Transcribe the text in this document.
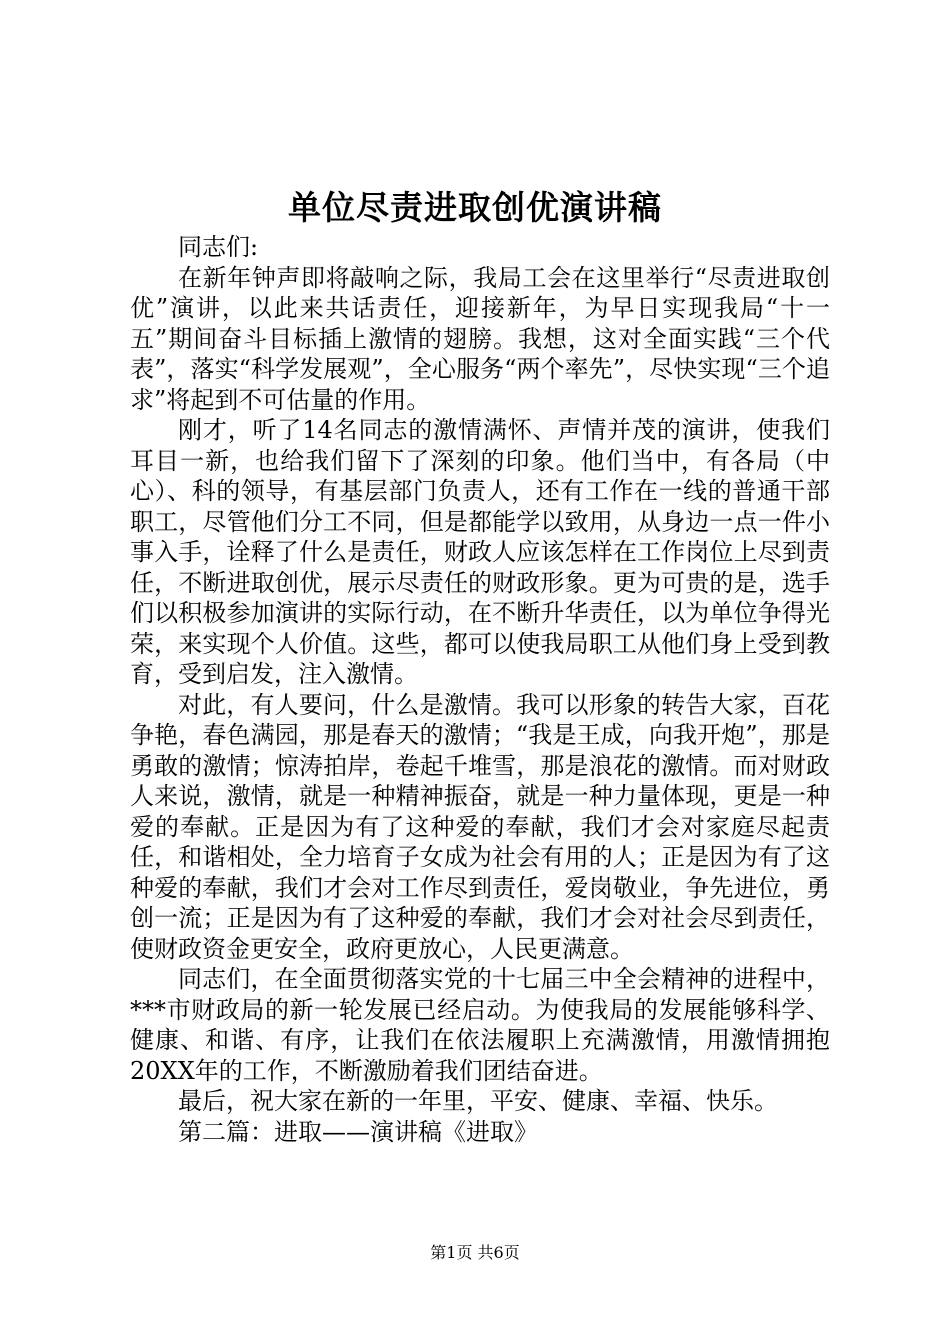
单位尽责进取创优演讲稿

同志们:

在新年钟声即将敲响之际，我局工会在这里举行“尽责进取创优”演讲，以此来共话责任，迎接新年，为早日实现我局“十一五”期间奋斗目标插上激情的翅膀。我想，这对全面实践“三个代表”，落实“科学发展观”，全心服务“两个率先”，尽快实现“三个追求”将起到不可估量的作用。

刚才，听了14名同志的激情满怀、声情并茂的演讲，使我们耳目一新，也给我们留下了深刻的印象。他们当中，有各局（中心）、科的领导，有基层部门负责人，还有工作在一线的普通干部职工，尽管他们分工不同，但是都能学以致用，从身边一点一件小事入手，诠释了什么是责任，财政人应该怎样在工作岗位上尽到责任，不断进取创优，展示尽责任的财政形象。更为可贵的是，选手们以积极参加演讲的实际行动，在不断升华责任，以为单位争得光荣，来实现个人价值。这些，都可以使我局职工从他们身上受到教育，受到启发，注入激情。

对此，有人要问，什么是激情。我可以形象的转告大家，百花争艳，春色满园，那是春天的激情；“我是王成，向我开炮”，那是勇敢的激情；惊涛拍岸，卷起千堆雪，那是浪花的激情。而对财政人来说，激情，就是一种精神振奋，就是一种力量体现，更是一种爱的奉献。正是因为有了这种爱的奉献，我们才会对家庭尽起责任，和谐相处，全力培育子女成为社会有用的人；正是因为有了这种爱的奉献，我们才会对工作尽到责任，爱岗敬业，争先进位，勇创一流；正是因为有了这种爱的奉献，我们才会对社会尽到责任，使财政资金更安全，政府更放心，人民更满意。

同志们，在全面贯彻落实党的十七届三中全会精神的进程中，***市财政局的新一轮发展已经启动。为使我局的发展能够科学、健康、和谐、有序，让我们在依法履职上充满激情，用激情拥抱20XX年的工作，不断激励着我们团结奋进。

最后，祝大家在新的一年里，平安、健康、幸福、快乐。

第二篇：进取——演讲稿《进取》

第1页 共6页
